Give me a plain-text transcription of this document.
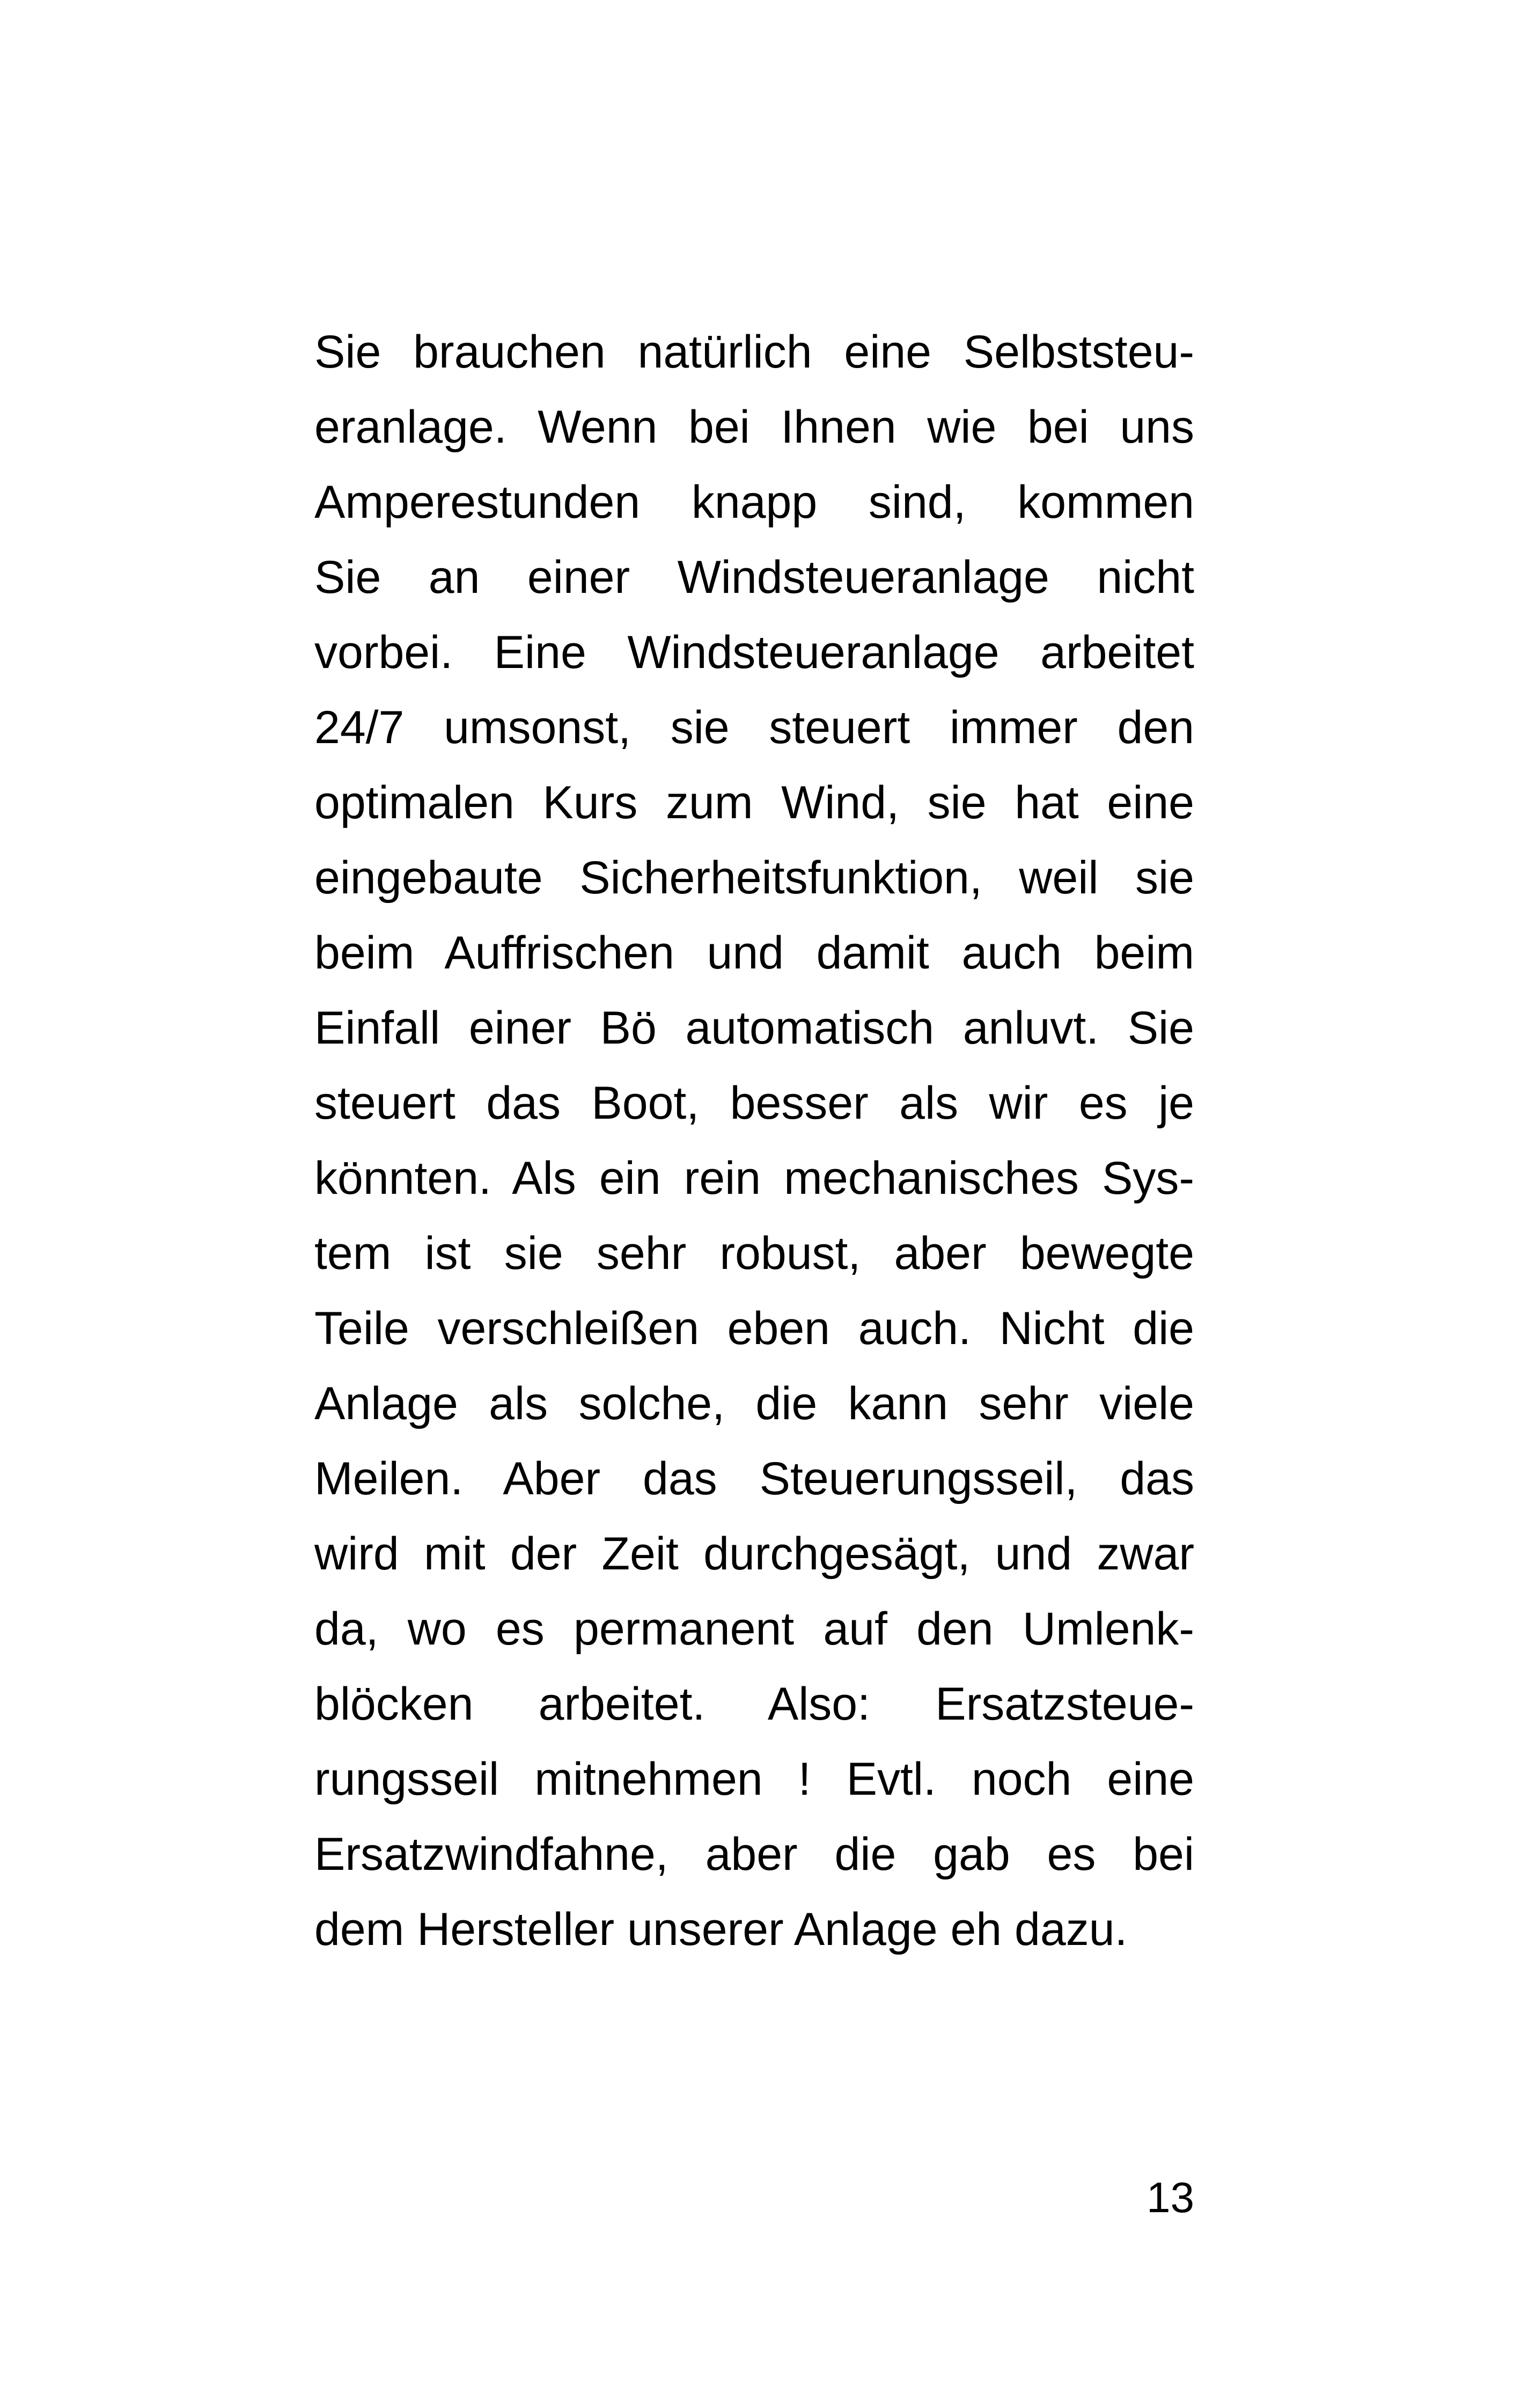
Sie brauchen natürlich eine Selbststeu-
eranlage. Wenn bei Ihnen wie bei uns
Amperestunden knapp sind, kommen
Sie an einer Windsteueranlage nicht
vorbei. Eine Windsteueranlage arbeitet
24/7 umsonst, sie steuert immer den
optimalen Kurs zum Wind, sie hat eine
eingebaute Sicherheitsfunktion, weil sie
beim Auffrischen und damit auch beim
Einfall einer Bö automatisch anluvt. Sie
steuert das Boot, besser als wir es je
könnten. Als ein rein mechanisches Sys-
tem ist sie sehr robust, aber bewegte
Teile verschleißen eben auch. Nicht die
Anlage als solche, die kann sehr viele
Meilen. Aber das Steuerungsseil, das
wird mit der Zeit durchgesägt, und zwar
da, wo es permanent auf den Umlenk-
blöcken arbeitet. Also: Ersatzsteue-
rungsseil mitnehmen ! Evtl. noch eine
Ersatzwindfahne, aber die gab es bei
dem Hersteller unserer Anlage eh dazu.
13
